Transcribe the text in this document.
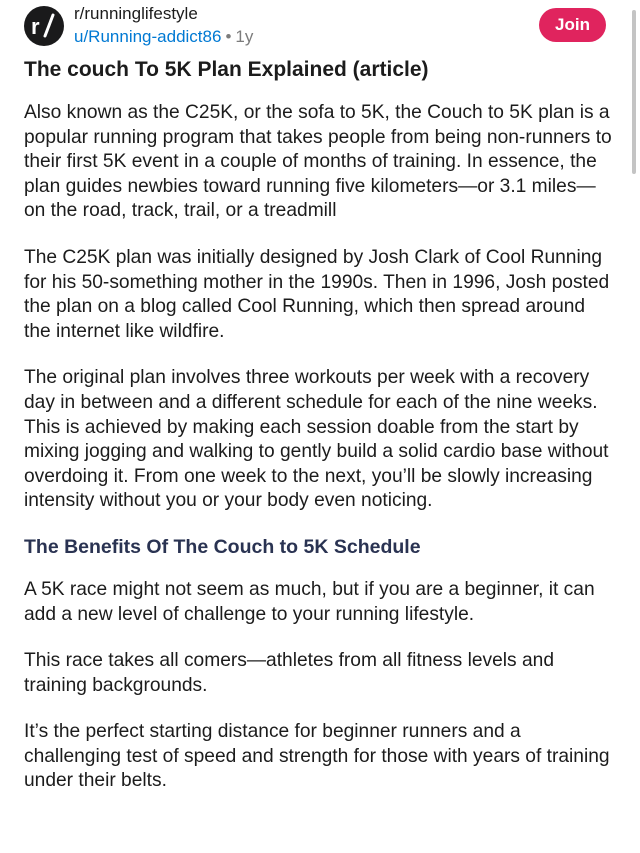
r
r/runninglifestyle
u/Running-addict86 • 1y
Join
The couch To 5K Plan Explained (article)

Also known as the C25K, or the sofa to 5K, the Couch to 5K plan is a popular running program that takes people from being non-runners to their first 5K event in a couple of months of training. In essence, the plan guides newbies toward running five kilometers—or 3.1 miles—on the road, track, trail, or a treadmill

The C25K plan was initially designed by Josh Clark of Cool Running for his 50-something mother in the 1990s. Then in 1996, Josh posted the plan on a blog called Cool Running, which then spread around the internet like wildfire.

The original plan involves three workouts per week with a recovery day in between and a different schedule for each of the nine weeks. This is achieved by making each session doable from the start by mixing jogging and walking to gently build a solid cardio base without overdoing it. From one week to the next, you’ll be slowly increasing intensity without you or your body even noticing.

The Benefits Of The Couch to 5K Schedule

A 5K race might not seem as much, but if you are a beginner, it can add a new level of challenge to your running lifestyle.

This race takes all comers—athletes from all fitness levels and training backgrounds.

It’s the perfect starting distance for beginner runners and a challenging test of speed and strength for those with years of training under their belts.
